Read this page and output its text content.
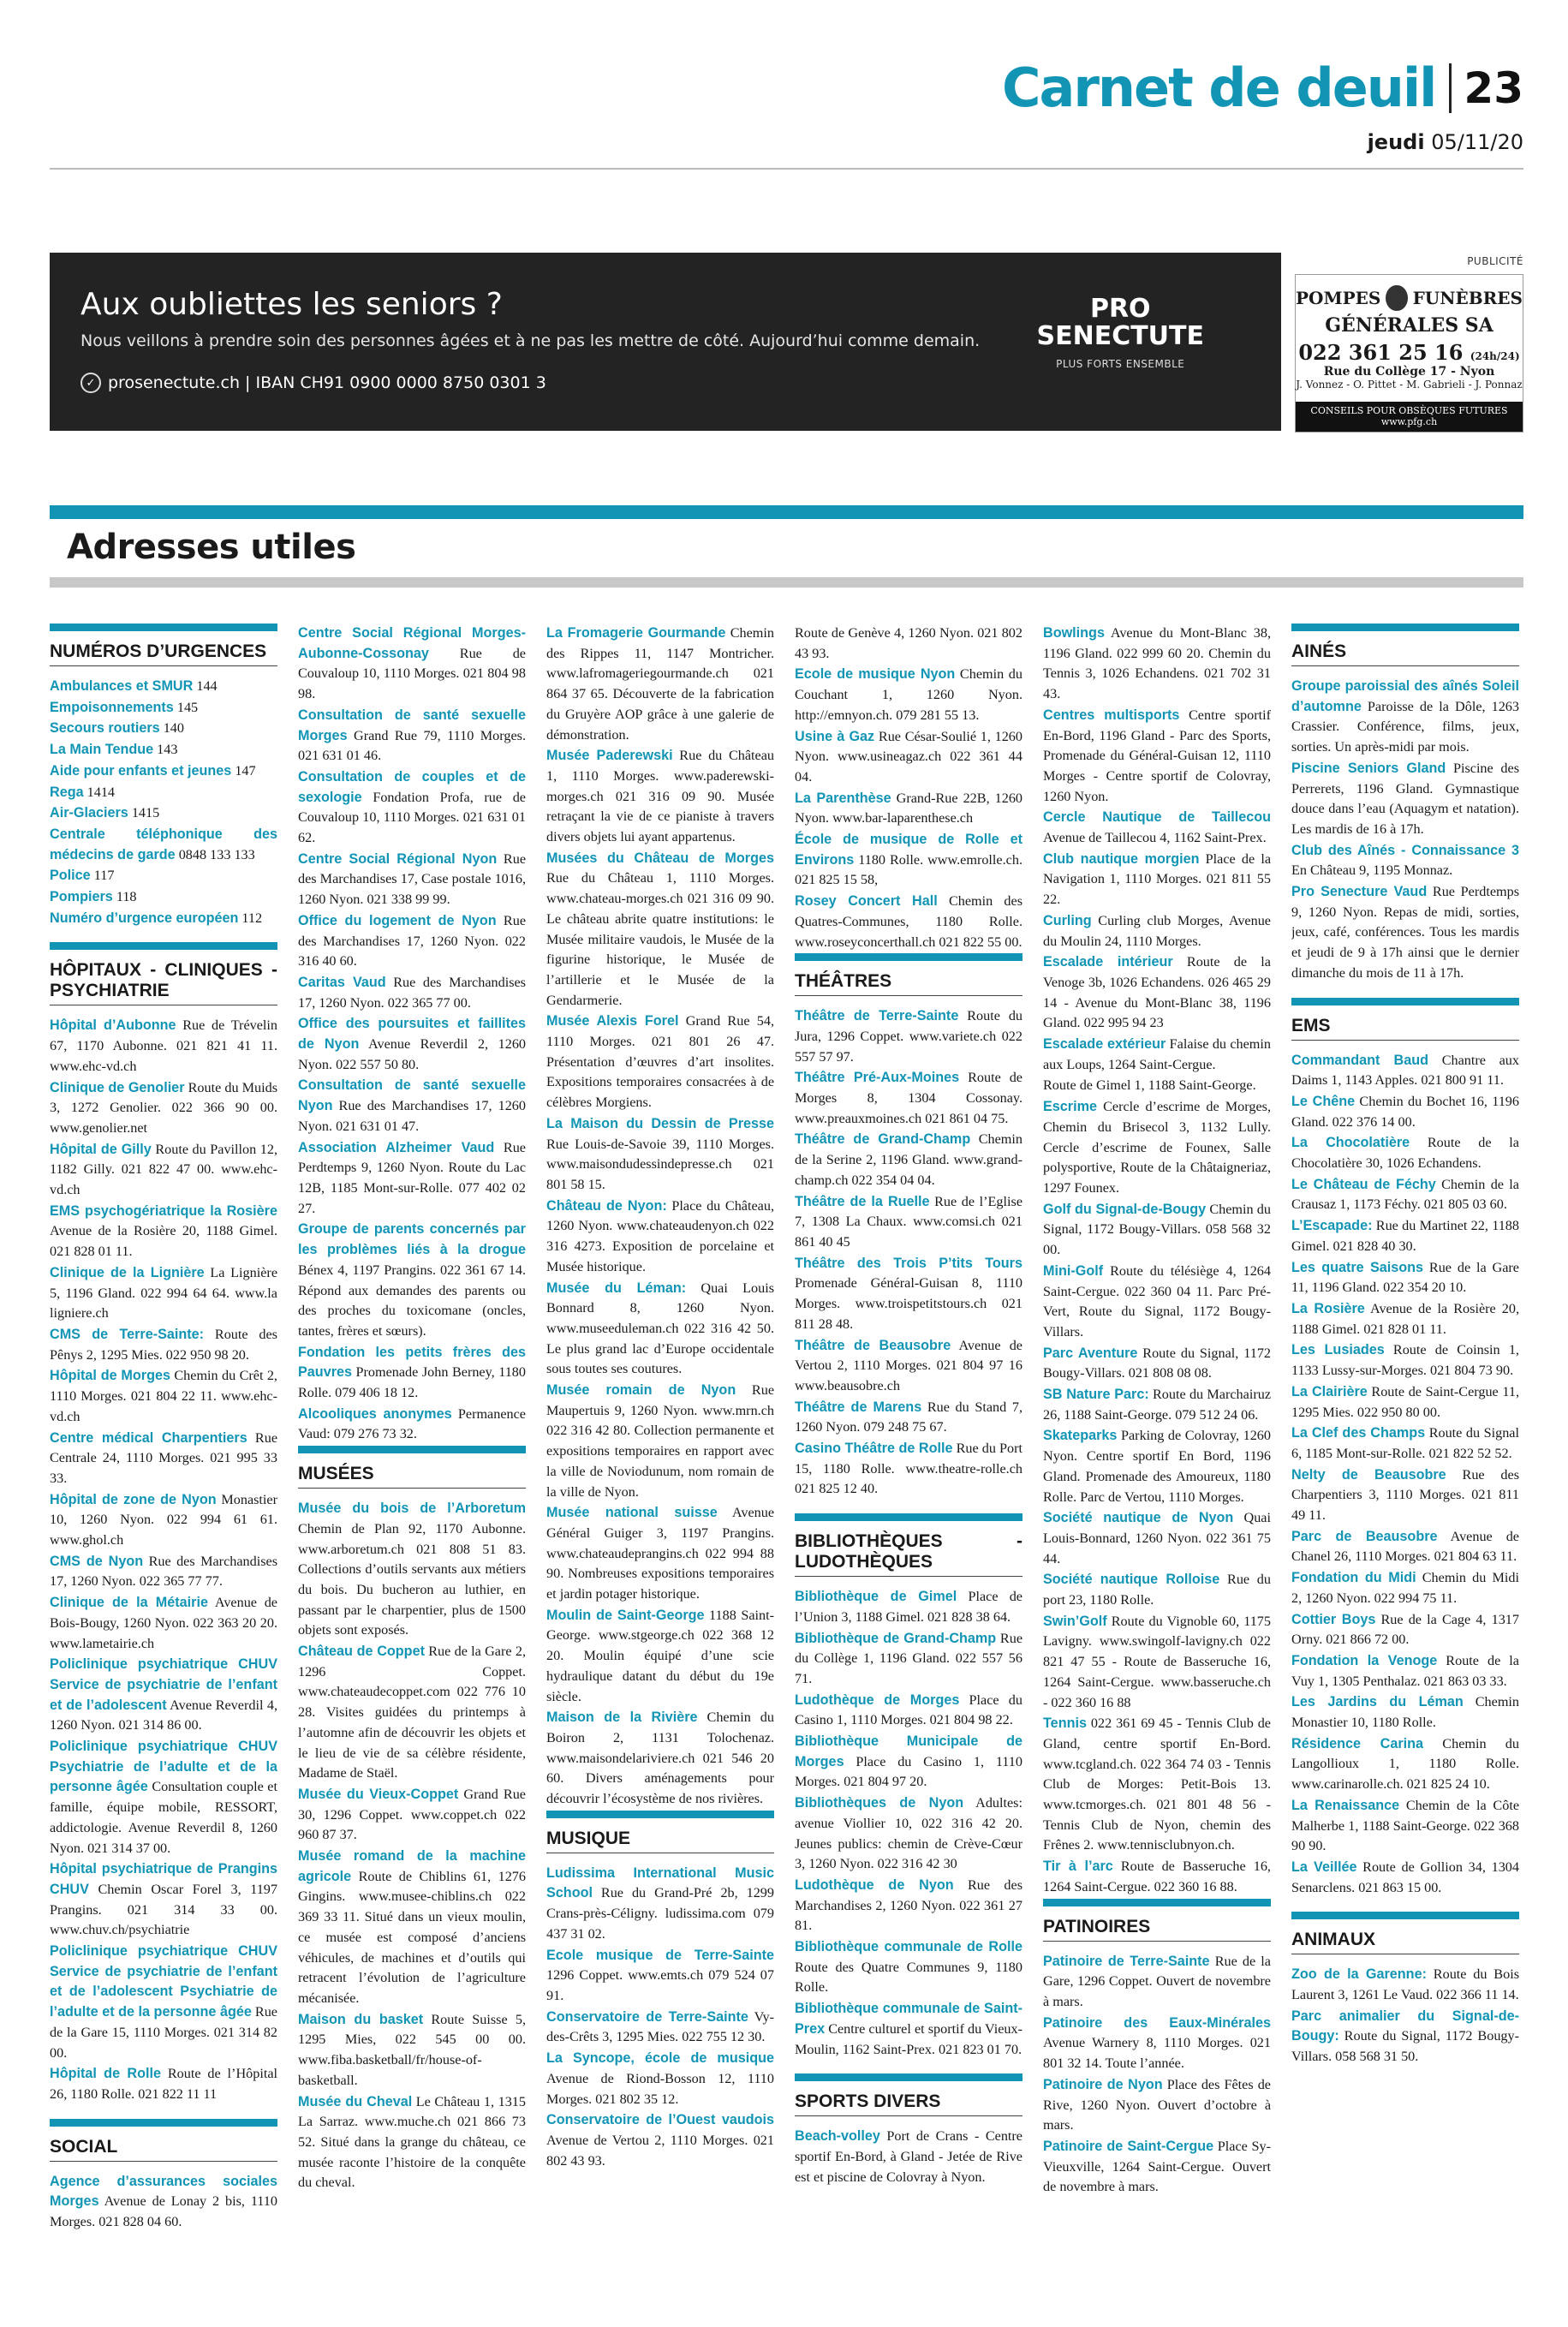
Carnet de deuil 23
jeudi 05/11/20
PUBLICITÉ
Aux oubliettes les seniors ?
Nous veillons à prendre soin des personnes âgées et à ne pas les mettre de côté. Aujourd’hui comme demain.
✓ prosenectute.ch | IBAN CH91 0900 0000 8750 0301 3
PRO
SENECTUTE
PLUS FORTS ENSEMBLE
POMPES FUNÈBRES
GÉNÉRALES SA
022 361 25 16 (24h/24)
Rue du Collège 17 - Nyon
J. Vonnez - O. Pittet - M. Gabrieli - J. Ponnaz
CONSEILS POUR OBSÈQUES FUTURES
www.pfg.ch
Adresses utiles
NUMÉROS D’URGENCES
Ambulances et SMUR 144
Empoisonnements 145
Secours routiers 140
La Main Tendue 143
Aide pour enfants et jeunes 147
Rega 1414
Air-Glaciers 1415
Centrale téléphonique des médecins de garde 0848 133 133
Police 117
Pompiers 118
Numéro d’urgence européen 112
HÔPITAUX - CLINIQUES - PSYCHIATRIE
Hôpital d’Aubonne Rue de Trévelin 67, 1170 Aubonne. 021 821 41 11. www.ehc-vd.ch
Clinique de Genolier Route du Muids 3, 1272 Genolier. 022 366 90 00. www.genolier.net
Hôpital de Gilly Route du Pavillon 12, 1182 Gilly. 021 822 47 00. www.ehc-vd.ch
EMS psychogériatrique la Rosière Avenue de la Rosière 20, 1188 Gimel. 021 828 01 11.
Clinique de la Lignière La Lignière 5, 1196 Gland. 022 994 64 64. www.la ligniere.ch
CMS de Terre-Sainte: Route des Pênys 2, 1295 Mies. 022 950 98 20.
Hôpital de Morges Chemin du Crêt 2, 1110 Morges. 021 804 22 11. www.ehc-vd.ch
Centre médical Charpentiers Rue Centrale 24, 1110 Morges. 021 995 33 33.
Hôpital de zone de Nyon Monastier 10, 1260 Nyon. 022 994 61 61. www.ghol.ch
CMS de Nyon Rue des Marchandises 17, 1260 Nyon. 022 365 77 77.
Clinique de la Métairie Avenue de Bois-Bougy, 1260 Nyon. 022 363 20 20. www.lametairie.ch
Policlinique psychiatrique CHUV Service de psychiatrie de l’enfant et de l’adolescent Avenue Reverdil 4, 1260 Nyon. 021 314 86 00.
Policlinique psychiatrique CHUV Psychiatrie de l’adulte et de la personne âgée Consultation couple et famille, équipe mobile, RESSORT, addictologie. Avenue Reverdil 8, 1260 Nyon. 021 314 37 00.
Hôpital psychiatrique de Prangins CHUV Chemin Oscar Forel 3, 1197 Prangins. 021 314 33 00. www.chuv.ch/psychiatrie
Policlinique psychiatrique CHUV Service de psychiatrie de l’enfant et de l’adolescent Psychiatrie de l’adulte et de la personne âgée Rue de la Gare 15, 1110 Morges. 021 314 82 00.
Hôpital de Rolle Route de l’Hôpital 26, 1180 Rolle. 021 822 11 11
SOCIAL
Agence d’assurances sociales Morges Avenue de Lonay 2 bis, 1110 Morges. 021 828 04 60.
Centre Social Régional Morges-Aubonne-Cossonay Rue de Couvaloup 10, 1110 Morges. 021 804 98 98.
Consultation de santé sexuelle Morges Grand Rue 79, 1110 Morges. 021 631 01 46.
Consultation de couples et de sexologie Fondation Profa, rue de Couvaloup 10, 1110 Morges. 021 631 01 62.
Centre Social Régional Nyon Rue des Marchandises 17, Case postale 1016, 1260 Nyon. 021 338 99 99.
Office du logement de Nyon Rue des Marchandises 17, 1260 Nyon. 022 316 40 60.
Caritas Vaud Rue des Marchandises 17, 1260 Nyon. 022 365 77 00.
Office des poursuites et faillites de Nyon Avenue Reverdil 2, 1260 Nyon. 022 557 50 80.
Consultation de santé sexuelle Nyon Rue des Marchandises 17, 1260 Nyon. 021 631 01 47.
Association Alzheimer Vaud Rue Perdtemps 9, 1260 Nyon. Route du Lac 12B, 1185 Mont-sur-Rolle. 077 402 02 27.
Groupe de parents concernés par les problèmes liés à la drogue Bénex 4, 1197 Prangins. 022 361 67 14. Répond aux demandes des parents ou des proches du toxicomane (oncles, tantes, frères et sœurs).
Fondation les petits frères des Pauvres Promenade John Berney, 1180 Rolle. 079 406 18 12.
Alcooliques anonymes Permanence Vaud: 079 276 73 32.
MUSÉES
Musée du bois de l’Arboretum Chemin de Plan 92, 1170 Aubonne. www.arboretum.ch 021 808 51 83. Collections d’outils servants aux métiers du bois. Du bucheron au luthier, en passant par le charpentier, plus de 1500 objets sont exposés.
Château de Coppet Rue de la Gare 2, 1296 Coppet. www.chateaudecoppet.com 022 776 10 28. Visites guidées du printemps à l’automne afin de découvrir les objets et le lieu de vie de sa célèbre résidente, Madame de Staël.
Musée du Vieux-Coppet Grand Rue 30, 1296 Coppet. www.coppet.ch 022 960 87 37.
Musée romand de la machine agricole Route de Chiblins 61, 1276 Gingins. www.musee-chiblins.ch 022 369 33 11. Situé dans un vieux moulin, ce musée est composé d’anciens véhicules, de machines et d’outils qui retracent l’évolution de l’agriculture mécanisée.
Maison du basket Route Suisse 5, 1295 Mies, 022 545 00 00. www.fiba.basketball/fr/house-of-basketball.
Musée du Cheval Le Château 1, 1315 La Sarraz. www.muche.ch 021 866 73 52. Situé dans la grange du château, ce musée raconte l’histoire de la conquête du cheval.
La Fromagerie Gourmande Chemin des Rippes 11, 1147 Montricher. www.lafromageriegourmande.ch 021 864 37 65. Découverte de la fabrication du Gruyère AOP grâce à une galerie de démonstration.
Musée Paderewski Rue du Château 1, 1110 Morges. www.paderewski-morges.ch 021 316 09 90. Musée retraçant la vie de ce pianiste à travers divers objets lui ayant appartenus.
Musées du Château de Morges Rue du Château 1, 1110 Morges. www.chateau-morges.ch 021 316 09 90. Le château abrite quatre institutions: le Musée militaire vaudois, le Musée de la figurine historique, le Musée de l’artillerie et le Musée de la Gendarmerie.
Musée Alexis Forel Grand Rue 54, 1110 Morges. 021 801 26 47. Présentation d’œuvres d’art insolites. Expositions temporaires consacrées à de célèbres Morgiens.
La Maison du Dessin de Presse Rue Louis-de-Savoie 39, 1110 Morges. www.maisondudessindepresse.ch 021 801 58 15.
Château de Nyon: Place du Château, 1260 Nyon. www.chateaudenyon.ch 022 316 4273. Exposition de porcelaine et Musée historique.
Musée du Léman: Quai Louis Bonnard 8, 1260 Nyon. www.museeduleman.ch 022 316 42 50. Le plus grand lac d’Europe occidentale sous toutes ses coutures.
Musée romain de Nyon Rue Maupertuis 9, 1260 Nyon. www.mrn.ch 022 316 42 80. Collection permanente et expositions temporaires en rapport avec la ville de Noviodunum, nom romain de la ville de Nyon.
Musée national suisse Avenue Général Guiger 3, 1197 Prangins. www.chateaudeprangins.ch 022 994 88 90. Nombreuses expositions temporaires et jardin potager historique.
Moulin de Saint-George 1188 Saint-George. www.stgeorge.ch 022 368 12 20. Moulin équipé d’une scie hydraulique datant du début du 19e siècle.
Maison de la Rivière Chemin du Boiron 2, 1131 Tolochenaz. www.maisondelariviere.ch 021 546 20 60. Divers aménagements pour découvrir l’écosystème de nos rivières.
MUSIQUE
Ludissima International Music School Rue du Grand-Pré 2b, 1299 Crans-près-Céligny. ludissima.com 079 437 31 02.
Ecole musique de Terre-Sainte 1296 Coppet. www.emts.ch 079 524 07 91.
Conservatoire de Terre-Sainte Vy-des-Crêts 3, 1295 Mies. 022 755 12 30.
La Syncope, école de musique Avenue de Riond-Bosson 12, 1110 Morges. 021 802 35 12.
Conservatoire de l’Ouest vaudois Avenue de Vertou 2, 1110 Morges. 021 802 43 93.
Route de Genève 4, 1260 Nyon. 021 802 43 93.
Ecole de musique Nyon Chemin du Couchant 1, 1260 Nyon. http://emnyon.ch. 079 281 55 13.
Usine à Gaz Rue César-Soulié 1, 1260 Nyon. www.usineagaz.ch 022 361 44 04.
La Parenthèse Grand-Rue 22B, 1260 Nyon. www.bar-laparenthese.ch
École de musique de Rolle et Environs 1180 Rolle. www.emrolle.ch. 021 825 15 58,
Rosey Concert Hall Chemin des Quatres-Communes, 1180 Rolle. www.roseyconcerthall.ch 021 822 55 00.
THÉÂTRES
Théâtre de Terre-Sainte Route du Jura, 1296 Coppet. www.variete.ch 022 557 57 97.
Théâtre Pré-Aux-Moines Route de Morges 8, 1304 Cossonay. www.preauxmoines.ch 021 861 04 75.
Théâtre de Grand-Champ Chemin de la Serine 2, 1196 Gland. www.grand-champ.ch 022 354 04 04.
Théâtre de la Ruelle Rue de l’Eglise 7, 1308 La Chaux. www.comsi.ch 021 861 40 45
Théâtre des Trois P’tits Tours Promenade Général-Guisan 8, 1110 Morges. www.troispetitstours.ch 021 811 28 48.
Théâtre de Beausobre Avenue de Vertou 2, 1110 Morges. 021 804 97 16 www.beausobre.ch
Théâtre de Marens Rue du Stand 7, 1260 Nyon. 079 248 75 67.
Casino Théâtre de Rolle Rue du Port 15, 1180 Rolle. www.theatre-rolle.ch 021 825 12 40.
BIBLIOTHÈQUES - LUDOTHÈQUES
Bibliothèque de Gimel Place de l’Union 3, 1188 Gimel. 021 828 38 64.
Bibliothèque de Grand-Champ Rue du Collège 1, 1196 Gland. 022 557 56 71.
Ludothèque de Morges Place du Casino 1, 1110 Morges. 021 804 98 22.
Bibliothèque Municipale de Morges Place du Casino 1, 1110 Morges. 021 804 97 20.
Bibliothèques de Nyon Adultes: avenue Viollier 10, 022 316 42 20. Jeunes publics: chemin de Crève-Cœur 3, 1260 Nyon. 022 316 42 30
Ludothèque de Nyon Rue des Marchandises 2, 1260 Nyon. 022 361 27 81.
Bibliothèque communale de Rolle Route des Quatre Communes 9, 1180 Rolle.
Bibliothèque communale de Saint-Prex Centre culturel et sportif du Vieux-Moulin, 1162 Saint-Prex. 021 823 01 70.
SPORTS DIVERS
Beach-volley Port de Crans - Centre sportif En-Bord, à Gland - Jetée de Rive est et piscine de Colovray à Nyon.
Bowlings Avenue du Mont-Blanc 38, 1196 Gland. 022 999 60 20. Chemin du Tennis 3, 1026 Echandens. 021 702 31 43.
Centres multisports Centre sportif En-Bord, 1196 Gland - Parc des Sports, Promenade du Général-Guisan 12, 1110 Morges - Centre sportif de Colovray, 1260 Nyon.
Cercle Nautique de Taillecou Avenue de Taillecou 4, 1162 Saint-Prex.
Club nautique morgien Place de la Navigation 1, 1110 Morges. 021 811 55 22.
Curling Curling club Morges, Avenue du Moulin 24, 1110 Morges.
Escalade intérieur Route de la Venoge 3b, 1026 Echandens. 026 465 29 14 - Avenue du Mont-Blanc 38, 1196 Gland. 022 995 94 23
Escalade extérieur Falaise du chemin aux Loups, 1264 Saint-Cergue.
Route de Gimel 1, 1188 Saint-George.
Escrime Cercle d’escrime de Morges, Chemin du Brisecol 3, 1132 Lully. Cercle d’escrime de Founex, Salle polysportive, Route de la Châtaigneriaz, 1297 Founex.
Golf du Signal-de-Bougy Chemin du Signal, 1172 Bougy-Villars. 058 568 32 00.
Mini-Golf Route du télésiège 4, 1264 Saint-Cergue. 022 360 04 11. Parc Pré-Vert, Route du Signal, 1172 Bougy-Villars.
Parc Aventure Route du Signal, 1172 Bougy-Villars. 021 808 08 08.
SB Nature Parc: Route du Marchairuz 26, 1188 Saint-George. 079 512 24 06.
Skateparks Parking de Colovray, 1260 Nyon. Centre sportif En Bord, 1196 Gland. Promenade des Amoureux, 1180 Rolle. Parc de Vertou, 1110 Morges.
Société nautique de Nyon Quai Louis-Bonnard, 1260 Nyon. 022 361 75 44.
Société nautique Rolloise Rue du port 23, 1180 Rolle.
Swin’Golf Route du Vignoble 60, 1175 Lavigny. www.swingolf-lavigny.ch 022 821 47 55 - Route de Basseruche 16, 1264 Saint-Cergue. www.basseruche.ch - 022 360 16 88
Tennis 022 361 69 45 - Tennis Club de Gland, centre sportif En-Bord. www.tcgland.ch. 022 364 74 03 - Tennis Club de Morges: Petit-Bois 13. www.tcmorges.ch. 021 801 48 56 - Tennis Club de Nyon, chemin des Frênes 2. www.tennisclubnyon.ch.
Tir à l’arc Route de Basseruche 16, 1264 Saint-Cergue. 022 360 16 88.
PATINOIRES
Patinoire de Terre-Sainte Rue de la Gare, 1296 Coppet. Ouvert de novembre à mars.
Patinoire des Eaux-Minérales Avenue Warnery 8, 1110 Morges. 021 801 32 14. Toute l’année.
Patinoire de Nyon Place des Fêtes de Rive, 1260 Nyon. Ouvert d’octobre à mars.
Patinoire de Saint-Cergue Place Sy-Vieuxville, 1264 Saint-Cergue. Ouvert de novembre à mars.
AINÉS
Groupe paroissial des aînés Soleil d’automne Paroisse de la Dôle, 1263 Crassier. Conférence, films, jeux, sorties. Un après-midi par mois.
Piscine Seniors Gland Piscine des Perrerets, 1196 Gland. Gymnastique douce dans l’eau (Aquagym et natation). Les mardis de 16 à 17h.
Club des Aînés - Connaissance 3 En Château 9, 1195 Monnaz.
Pro Senecture Vaud Rue Perdtemps 9, 1260 Nyon. Repas de midi, sorties, jeux, café, conférences. Tous les mardis et jeudi de 9 à 17h ainsi que le dernier dimanche du mois de 11 à 17h.
EMS
Commandant Baud Chantre aux Daims 1, 1143 Apples. 021 800 91 11.
Le Chêne Chemin du Bochet 16, 1196 Gland. 022 376 14 00.
La Chocolatière Route de la Chocolatière 30, 1026 Echandens.
Le Château de Féchy Chemin de la Crausaz 1, 1173 Féchy. 021 805 03 60.
L’Escapade: Rue du Martinet 22, 1188 Gimel. 021 828 40 30.
Les quatre Saisons Rue de la Gare 11, 1196 Gland. 022 354 20 10.
La Rosière Avenue de la Rosière 20, 1188 Gimel. 021 828 01 11.
Les Lusiades Route de Coinsin 1, 1133 Lussy-sur-Morges. 021 804 73 90.
La Clairière Route de Saint-Cergue 11, 1295 Mies. 022 950 80 00.
La Clef des Champs Route du Signal 6, 1185 Mont-sur-Rolle. 021 822 52 52.
Nelty de Beausobre Rue des Charpentiers 3, 1110 Morges. 021 811 49 11.
Parc de Beausobre Avenue de Chanel 26, 1110 Morges. 021 804 63 11.
Fondation du Midi Chemin du Midi 2, 1260 Nyon. 022 994 75 11.
Cottier Boys Rue de la Cage 4, 1317 Orny. 021 866 72 00.
Fondation la Venoge Route de la Vuy 1, 1305 Penthalaz. 021 863 03 33.
Les Jardins du Léman Chemin Monastier 10, 1180 Rolle.
Résidence Carina Chemin du Langollioux 1, 1180 Rolle. www.carinarolle.ch. 021 825 24 10.
La Renaissance Chemin de la Côte Malherbe 1, 1188 Saint-George. 022 368 90 90.
La Veillée Route de Gollion 34, 1304 Senarclens. 021 863 15 00.
ANIMAUX
Zoo de la Garenne: Route du Bois Laurent 3, 1261 Le Vaud. 022 366 11 14.
Parc animalier du Signal-de-Bougy: Route du Signal, 1172 Bougy-Villars. 058 568 31 50.
